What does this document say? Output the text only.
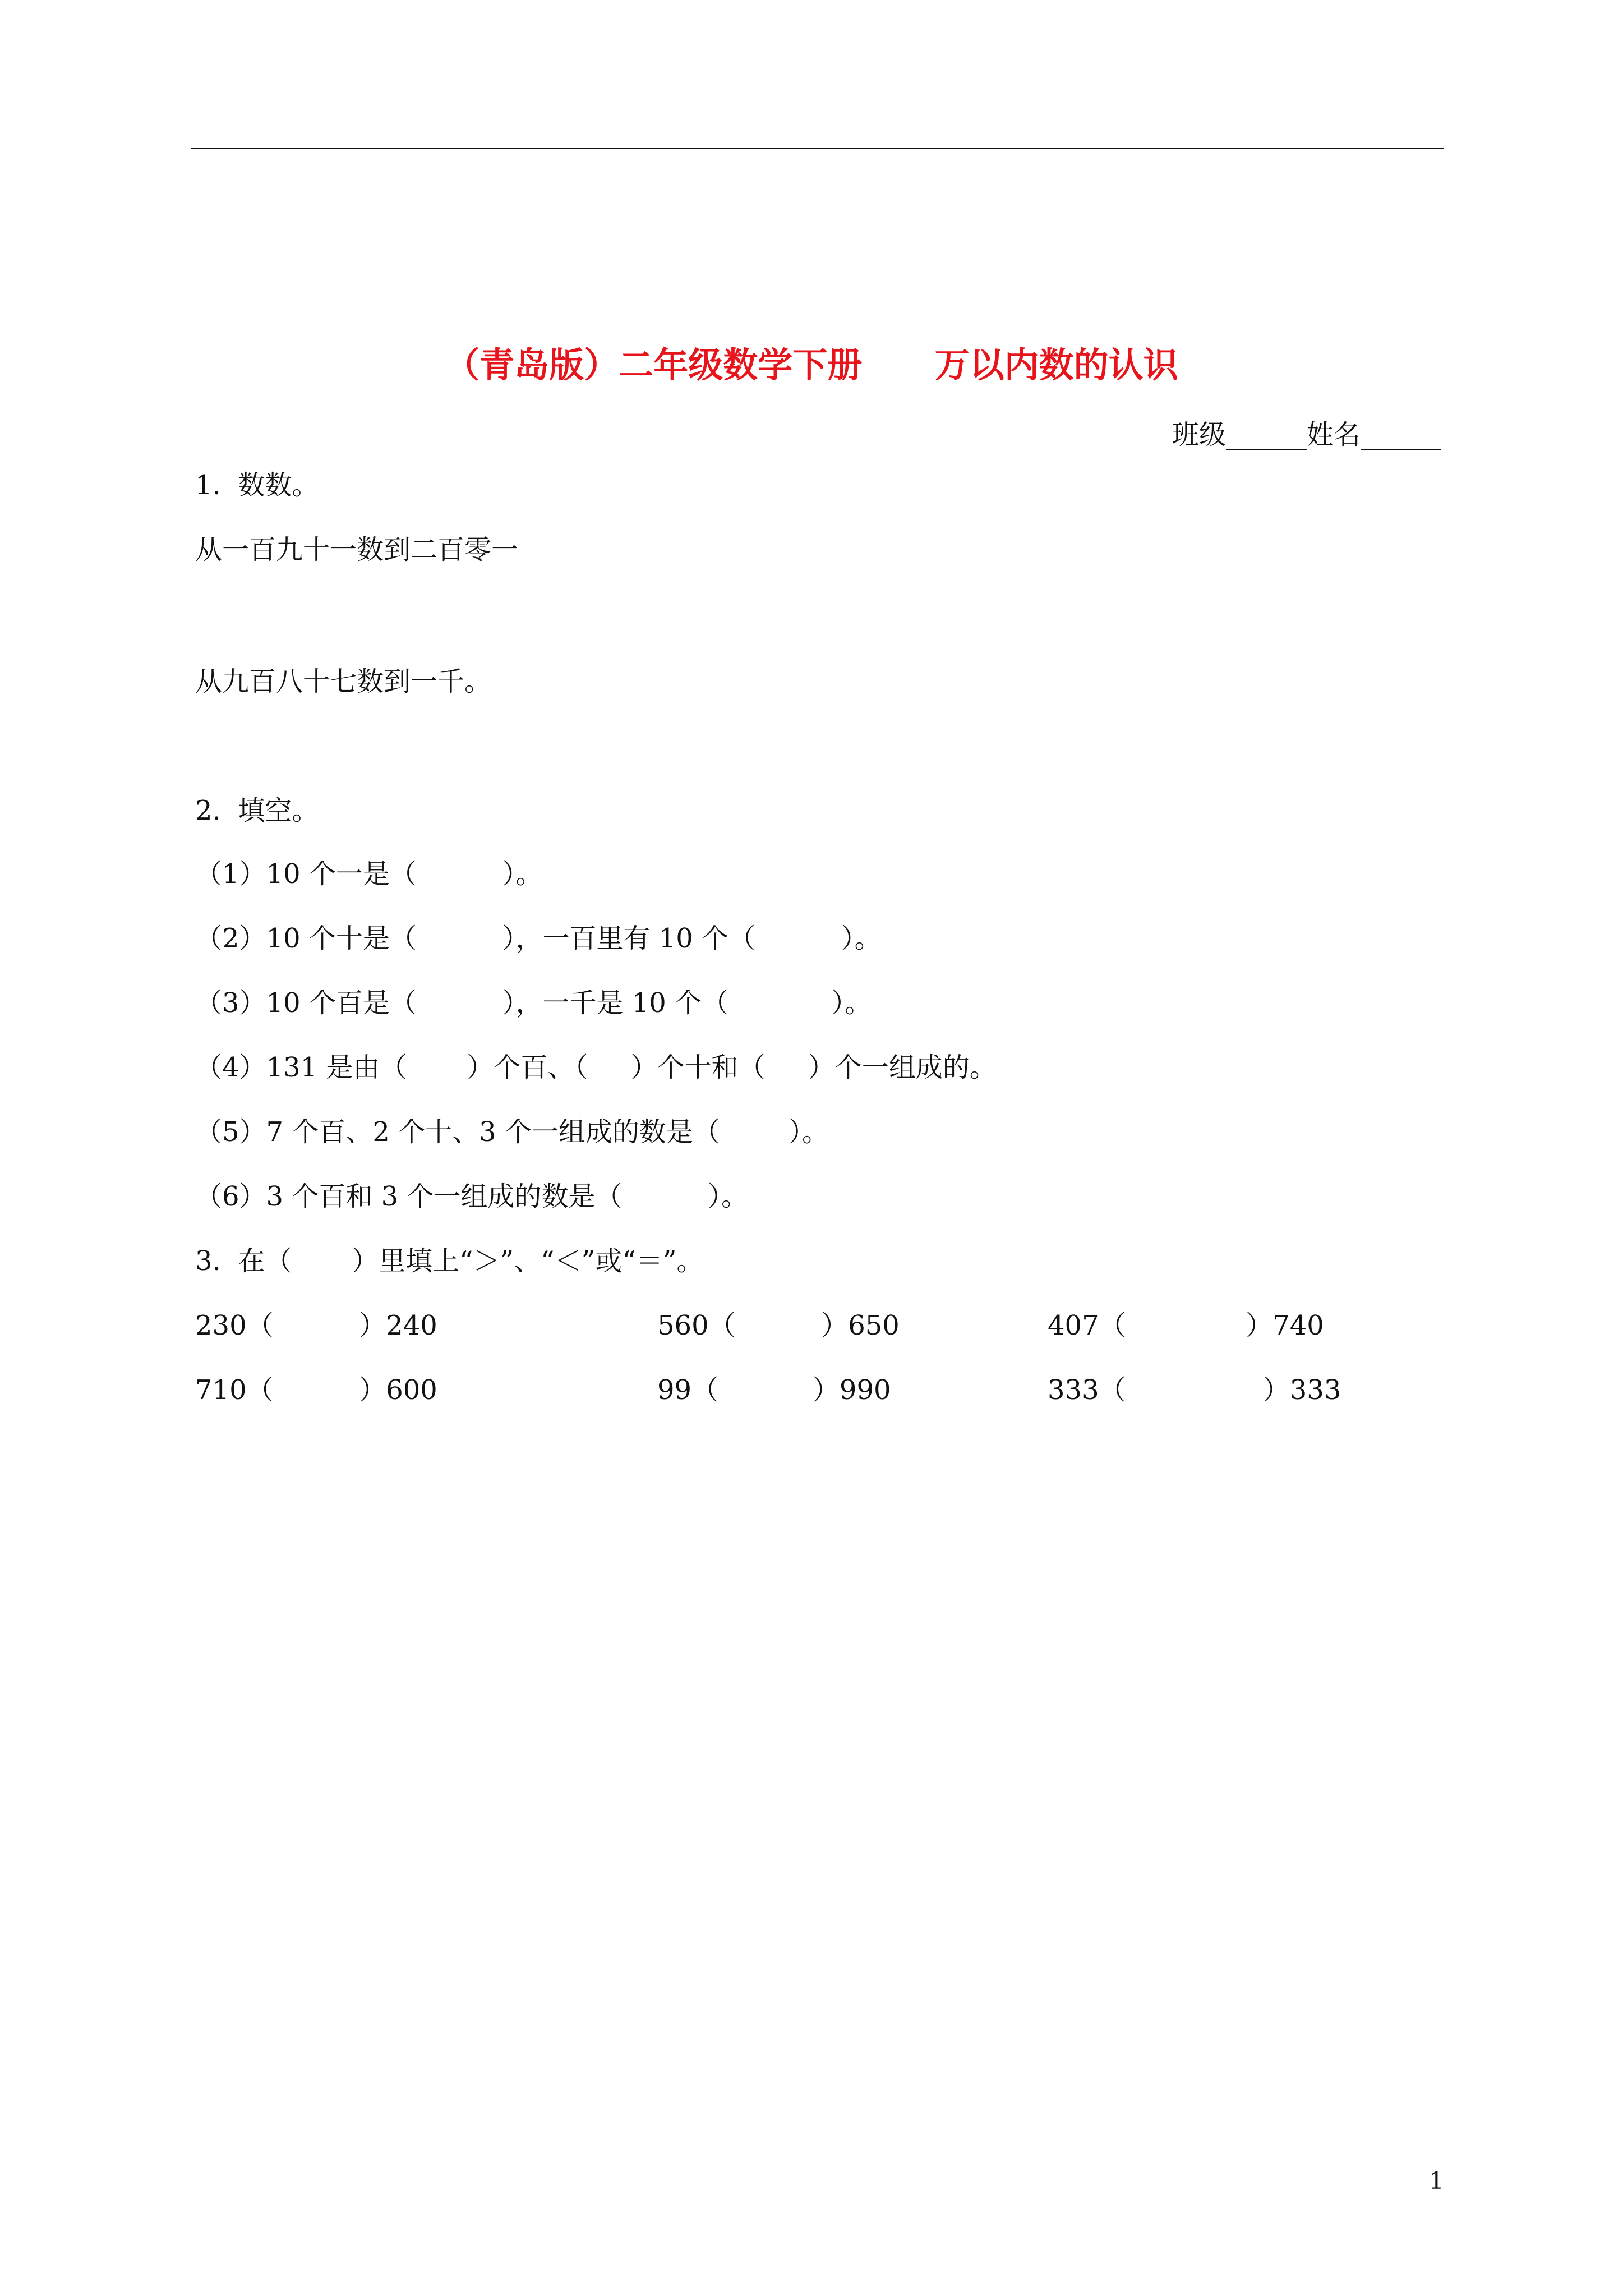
（青岛版）二年级数学下册      万以内数的认识
班级______姓名______
1.  数数。
从一百九十一数到二百零一
从九百八十七数到一千。
2.  填空。
（1）10 个一是（          ）。
（2）10 个十是（          ），一百里有 10 个（          ）。
（3）10 个百是（          ），一千是 10 个（            ）。
（4）131 是由（       ）个百、（     ）个十和（     ）个一组成的。
（5）7 个百、2 个十、3 个一组成的数是（        ）。
（6）3 个百和 3 个一组成的数是（          ）。
3.  在（       ）里填上“＞”、“＜”或“＝”。
230（          ）240	560（          ）650	407（              ）740
710（          ）600	99（           ）990	333（                ）333
1
